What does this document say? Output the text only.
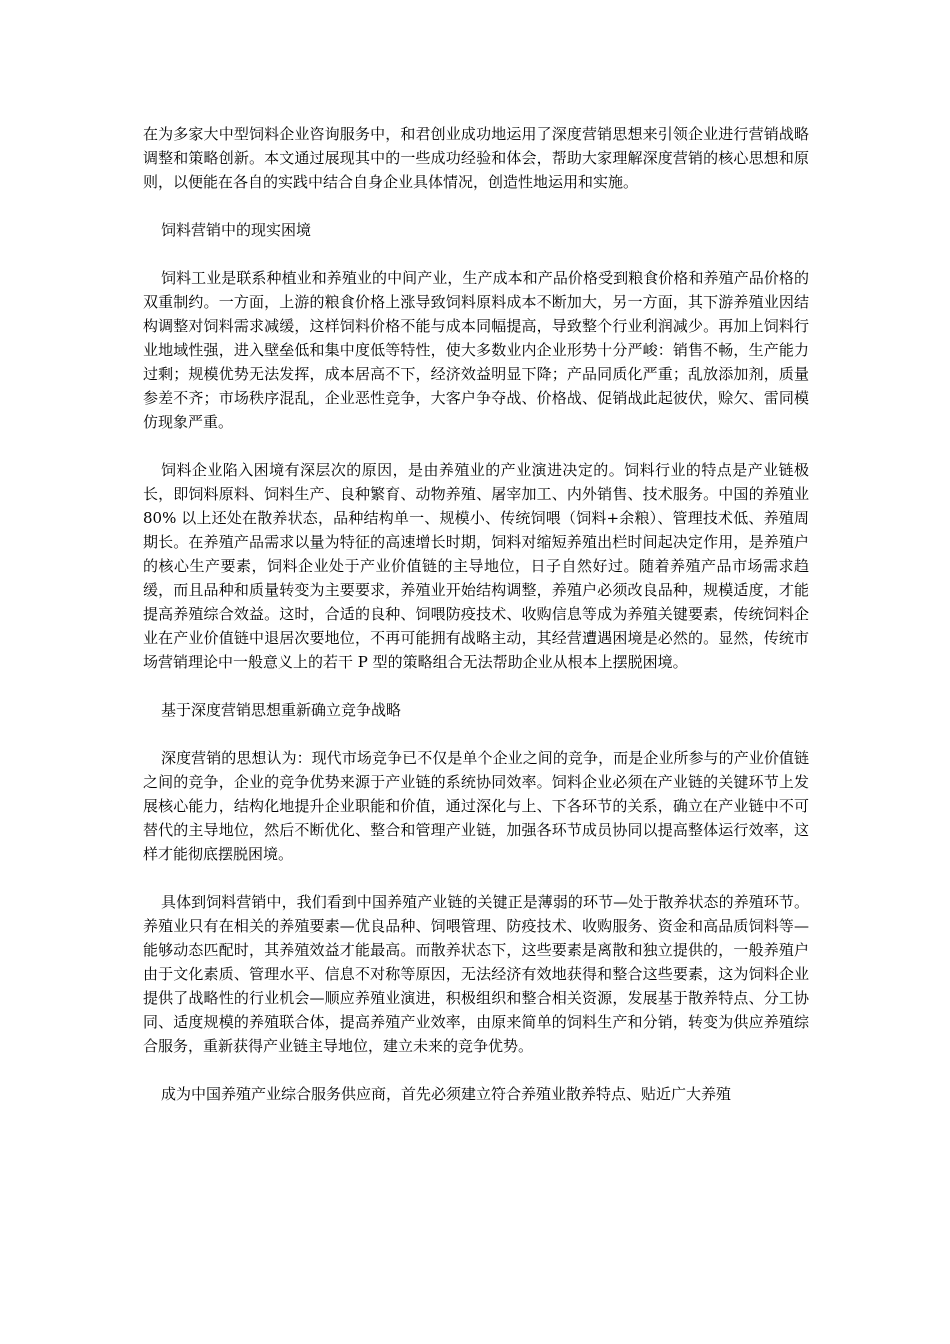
在为多家大中型饲料企业咨询服务中，和君创业成功地运用了深度营销思想来引领企业进行营销战略调整和策略创新。本文通过展现其中的一些成功经验和体会，帮助大家理解深度营销的核心思想和原则，以便能在各自的实践中结合自身企业具体情况，创造性地运用和实施。

饲料营销中的现实困境

饲料工业是联系种植业和养殖业的中间产业，生产成本和产品价格受到粮食价格和养殖产品价格的双重制约。一方面，上游的粮食价格上涨导致饲料原料成本不断加大，另一方面，其下游养殖业因结构调整对饲料需求减缓，这样饲料价格不能与成本同幅提高，导致整个行业利润减少。再加上饲料行业地域性强，进入壁垒低和集中度低等特性，使大多数业内企业形势十分严峻：销售不畅，生产能力过剩；规模优势无法发挥，成本居高不下，经济效益明显下降；产品同质化严重；乱放添加剂，质量参差不齐；市场秩序混乱，企业恶性竞争，大客户争夺战、价格战、促销战此起彼伏，赊欠、雷同模仿现象严重。

饲料企业陷入困境有深层次的原因，是由养殖业的产业演进决定的。饲料行业的特点是产业链极长，即饲料原料、饲料生产、良种繁育、动物养殖、屠宰加工、内外销售、技术服务。中国的养殖业 80% 以上还处在散养状态，品种结构单一、规模小、传统饲喂（饲料+余粮）、管理技术低、养殖周期长。在养殖产品需求以量为特征的高速增长时期，饲料对缩短养殖出栏时间起决定作用，是养殖户的核心生产要素，饲料企业处于产业价值链的主导地位，日子自然好过。随着养殖产品市场需求趋缓，而且品种和质量转变为主要要求，养殖业开始结构调整，养殖户必须改良品种，规模适度，才能提高养殖综合效益。这时，合适的良种、饲喂防疫技术、收购信息等成为养殖关键要素，传统饲料企业在产业价值链中退居次要地位，不再可能拥有战略主动，其经营遭遇困境是必然的。显然，传统市场营销理论中一般意义上的若干 P 型的策略组合无法帮助企业从根本上摆脱困境。

基于深度营销思想重新确立竞争战略

深度营销的思想认为：现代市场竞争已不仅是单个企业之间的竞争，而是企业所参与的产业价值链之间的竞争，企业的竞争优势来源于产业链的系统协同效率。饲料企业必须在产业链的关键环节上发展核心能力，结构化地提升企业职能和价值，通过深化与上、下各环节的关系，确立在产业链中不可替代的主导地位，然后不断优化、整合和管理产业链，加强各环节成员协同以提高整体运行效率，这样才能彻底摆脱困境。

具体到饲料营销中，我们看到中国养殖产业链的关键正是薄弱的环节—处于散养状态的养殖环节。养殖业只有在相关的养殖要素—优良品种、饲喂管理、防疫技术、收购服务、资金和高品质饲料等—能够动态匹配时，其养殖效益才能最高。而散养状态下，这些要素是离散和独立提供的，一般养殖户由于文化素质、管理水平、信息不对称等原因，无法经济有效地获得和整合这些要素，这为饲料企业提供了战略性的行业机会—顺应养殖业演进，积极组织和整合相关资源，发展基于散养特点、分工协同、适度规模的养殖联合体，提高养殖产业效率，由原来简单的饲料生产和分销，转变为供应养殖综合服务，重新获得产业链主导地位，建立未来的竞争优势。

成为中国养殖产业综合服务供应商，首先必须建立符合养殖业散养特点、贴近广大养殖
